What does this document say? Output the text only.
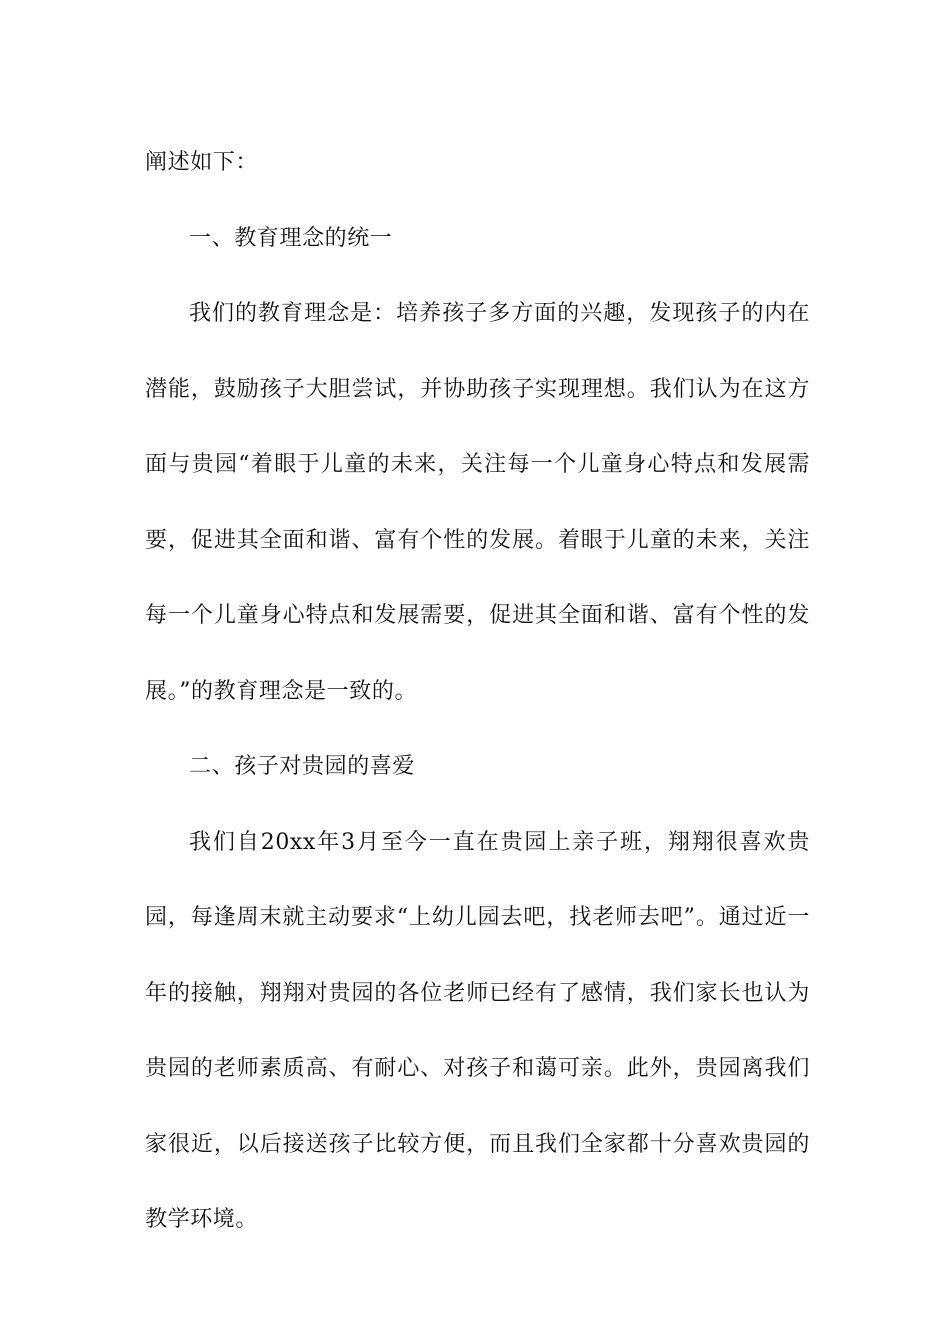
阐述如下：

一、教育理念的统一

我们的教育理念是：培养孩子多方面的兴趣，发现孩子的内在潜能，鼓励孩子大胆尝试，并协助孩子实现理想。我们认为在这方面与贵园“着眼于儿童的未来，关注每一个儿童身心特点和发展需要，促进其全面和谐、富有个性的发展。着眼于儿童的未来，关注每一个儿童身心特点和发展需要，促进其全面和谐、富有个性的发展。”的教育理念是一致的。

二、孩子对贵园的喜爱

我们自20xx年3月至今一直在贵园上亲子班，翔翔很喜欢贵园，每逢周末就主动要求“上幼儿园去吧，找老师去吧”。通过近一年的接触，翔翔对贵园的各位老师已经有了感情，我们家长也认为贵园的老师素质高、有耐心、对孩子和蔼可亲。此外，贵园离我们家很近，以后接送孩子比较方便，而且我们全家都十分喜欢贵园的教学环境。
